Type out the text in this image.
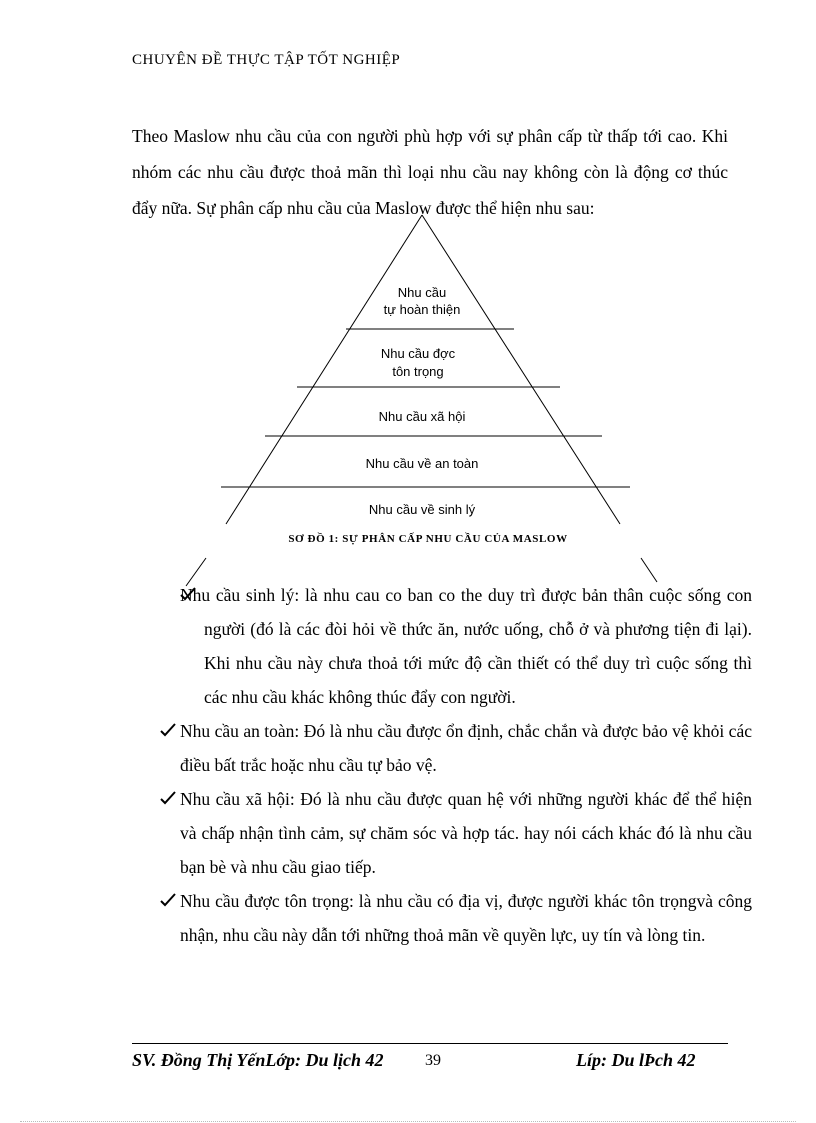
CHUYÊN ĐỀ THỰC TẬP TỐT NGHIỆP

Theo Maslow nhu cầu của con người phù hợp với sự phân cấp từ thấp tới cao. Khi nhóm các nhu cầu được thoả mãn thì loại nhu cầu nay không còn là động cơ thúc đẩy nữa. Sự phân cấp nhu cầu của Maslow được thể hiện nhu sau:

Nhu cầu
tự hoàn thiện
Nhu cầu đợc
tôn trọng
Nhu cầu xã hội
Nhu cầu về an toàn
Nhu cầu về sinh lý
SƠ ĐỒ 1: SỰ PHÂN CẤP NHU CẦU CỦA MASLOW
Nhu cầu sinh lý: là nhu cau co ban co the duy trì được bản thân cuộc sống con người (đó là các đòi hỏi về thức ăn, nước uống, chỗ ở và phương tiện đi lại). Khi nhu cầu này chưa thoả tới mức độ cần thiết có thể duy trì cuộc sống thì các nhu cầu khác không thúc đẩy con người.
Nhu cầu an toàn: Đó là nhu cầu được ổn định, chắc chắn và được bảo vệ khỏi các điều bất trắc hoặc nhu cầu tự bảo vệ.
Nhu cầu xã hội: Đó là nhu cầu được quan hệ với những người khác để thể hiện và chấp nhận tình cảm, sự chăm sóc và hợp tác. hay nói cách khác đó là nhu cầu bạn bè và nhu cầu giao tiếp.
Nhu cầu được tôn trọng: là nhu cầu có địa vị, được người khác tôn trọngvà công nhận, nhu cầu này dẫn tới những thoả mãn về quyền lực, uy tín và lòng tin.
SV. Đồng Thị YếnLớp: Du lịch 42	39	Líp: Du lÞch 42
